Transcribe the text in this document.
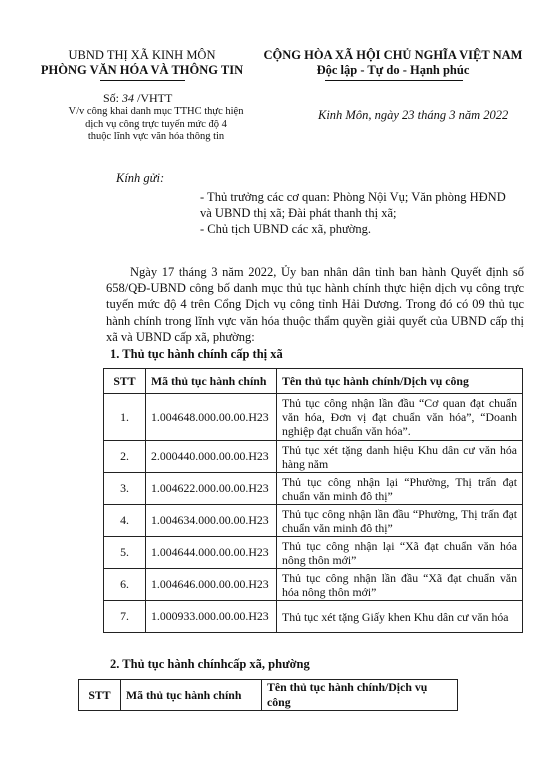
UBND THỊ XÃ KINH MÔN
PHÒNG VĂN HÓA VÀ THÔNG TIN
CỘNG HÒA XÃ HỘI CHỦ NGHĨA VIỆT NAM
Độc lập - Tự do - Hạnh phúc
Số: 34 /VHTT
V/v công khai danh mục TTHC thực hiện
dịch vụ công trực tuyến mức độ 4
thuộc lĩnh vực văn hóa thông tin
Kinh Môn, ngày 23 tháng 3 năm 2022
Kính gửi:
- Thủ trưởng các cơ quan: Phòng Nội Vụ; Văn phòng HĐND và UBND thị xã; Đài phát thanh thị xã;
- Chủ tịch UBND các xã, phường.
Ngày 17 tháng 3 năm 2022, Ủy ban nhân dân tỉnh ban hành Quyết định số 658/QĐ-UBND công bố danh mục thủ tục hành chính thực hiện dịch vụ công trực tuyến mức độ 4 trên Cổng Dịch vụ công tỉnh Hải Dương. Trong đó có 09 thủ tục hành chính trong lĩnh vực văn hóa thuộc thẩm quyền giải quyết của UBND cấp thị xã và UBND cấp xã, phường:
1. Thủ tục hành chính cấp thị xã
STT	Mã thủ tục hành chính	Tên thủ tục hành chính/Dịch vụ công
1.	1.004648.000.00.00.H23	Thủ tục công nhận lần đầu “Cơ quan đạt chuẩn văn hóa, Đơn vị đạt chuẩn văn hóa”, “Doanh nghiệp đạt chuẩn văn hóa”.
2.	2.000440.000.00.00.H23	Thủ tục xét tặng danh hiệu Khu dân cư văn hóa hàng năm
3.	1.004622.000.00.00.H23	Thủ tục công nhận lại “Phường, Thị trấn đạt chuẩn văn minh đô thị”
4.	1.004634.000.00.00.H23	Thủ tục công nhận lần đầu “Phường, Thị trấn đạt chuẩn văn minh đô thị”
5.	1.004644.000.00.00.H23	Thủ tục công nhận lại “Xã đạt chuẩn văn hóa nông thôn mới”
6.	1.004646.000.00.00.H23	Thủ tục công nhận lần đầu “Xã đạt chuẩn văn hóa nông thôn mới”
7.	1.000933.000.00.00.H23	Thủ tục xét tặng Giấy khen Khu dân cư văn hóa
2. Thủ tục hành chínhcấp xã, phường
STT	Mã thủ tục hành chính	Tên thủ tục hành chính/Dịch vụ công
